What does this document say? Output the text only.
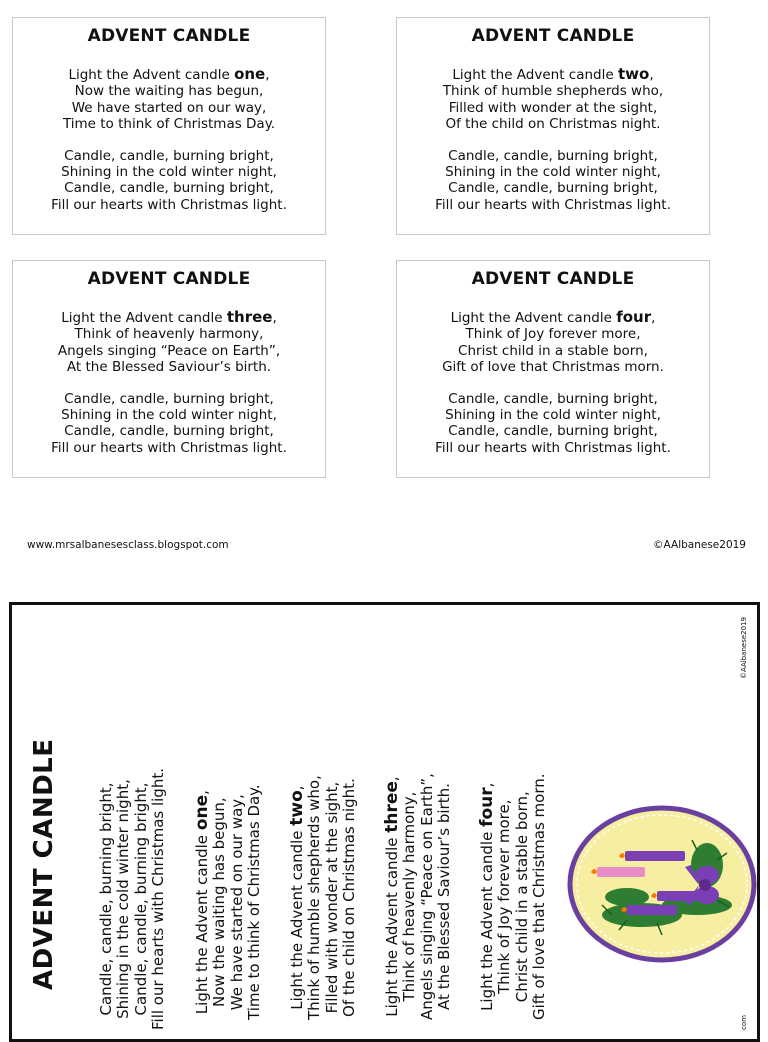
ADVENT CANDLE
Light the Advent candle one,
Now the waiting has begun,
We have started on our way,
Time to think of Christmas Day.
Candle, candle, burning bright,
Shining in the cold winter night,
Candle, candle, burning bright,
Fill our hearts with Christmas light.
ADVENT CANDLE
Light the Advent candle two,
Think of humble shepherds who,
Filled with wonder at the sight,
Of the child on Christmas night.
Candle, candle, burning bright,
Shining in the cold winter night,
Candle, candle, burning bright,
Fill our hearts with Christmas light.
ADVENT CANDLE
Light the Advent candle three,
Think of heavenly harmony,
Angels singing “Peace on Earth”,
At the Blessed Saviour’s birth.
Candle, candle, burning bright,
Shining in the cold winter night,
Candle, candle, burning bright,
Fill our hearts with Christmas light.
ADVENT CANDLE
Light the Advent candle four,
Think of Joy forever more,
Christ child in a stable born,
Gift of love that Christmas morn.
Candle, candle, burning bright,
Shining in the cold winter night,
Candle, candle, burning bright,
Fill our hearts with Christmas light.
www.mrsalbanesesclass.blogspot.com	©AAlbanese2019
ADVENT CANDLE	Candle, candle, burning bright, Shining in the cold winter night, Candle, candle, burning bright, Fill our hearts with Christmas light. Light the Advent candle one,
Now the waiting has begun, We have started on our way, Time to think of Christmas Day. Light the Advent candle two, Think of humble shepherds who, Filled with wonder at the sight, Of the child on Christmas night. Light the Advent candle three,
Think of heavenly harmony, Angels singing “Peace on Earth”, At the Blessed Saviour’s birth. Light the Advent candle four,
Think of Joy forever more, Christ child in a stable born, Gift of love that Christmas morn.
©AAlbanese2019
com
